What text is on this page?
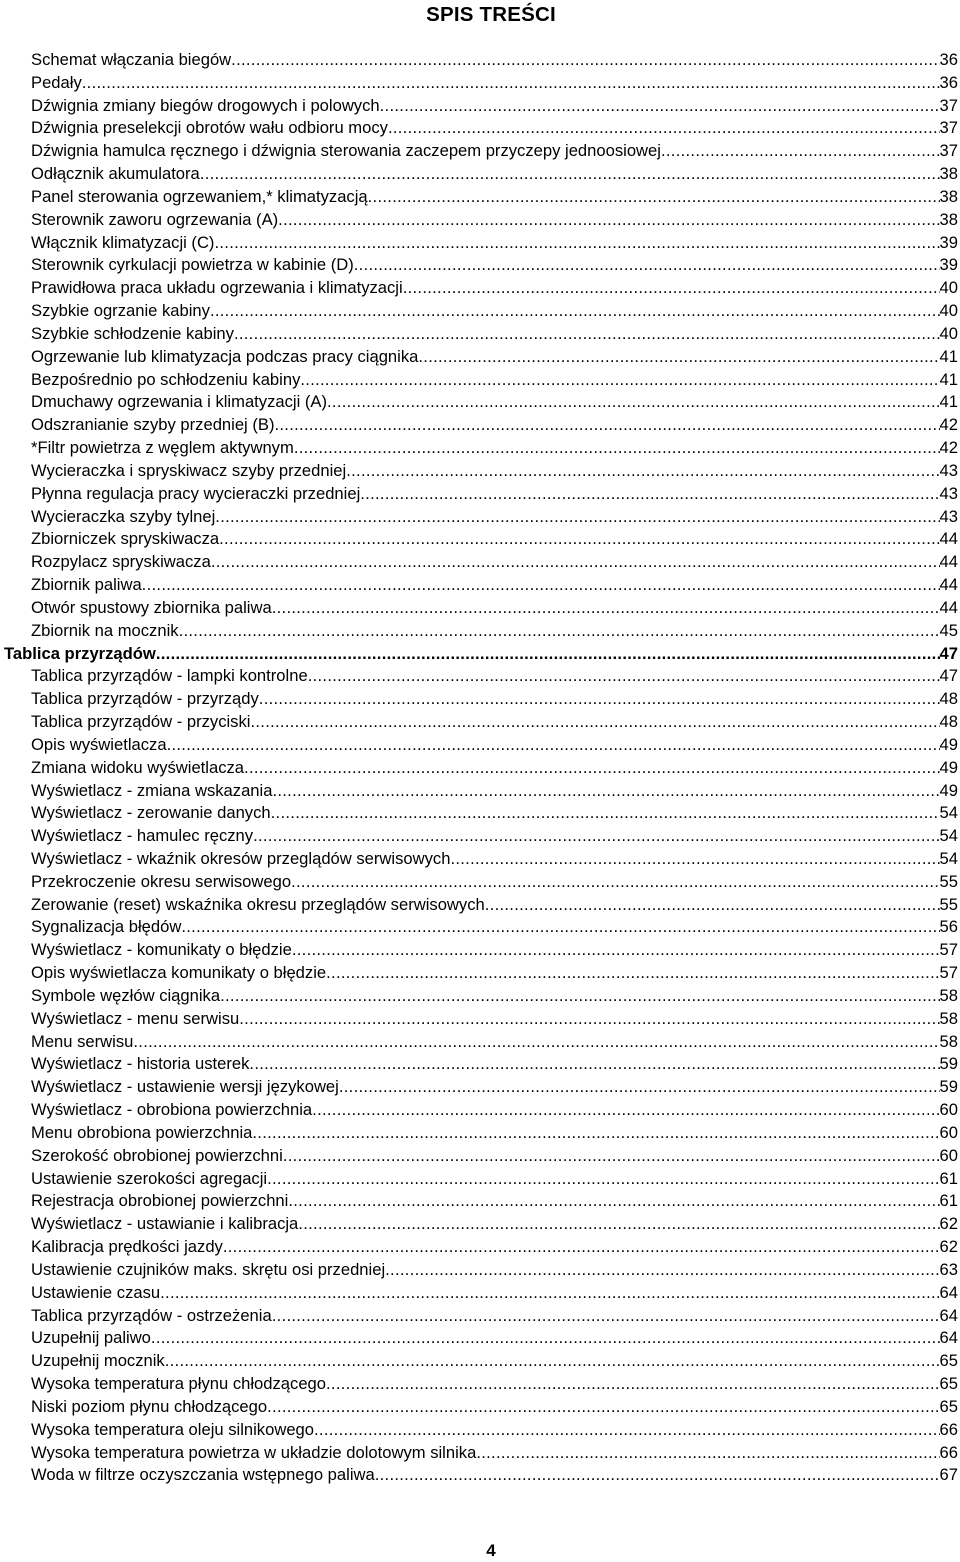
SPIS TREŚCI
Schemat włączania biegów .....	36
Pedały .....	36
Dźwignia zmiany biegów drogowych i polowych .....	37
Dźwignia preselekcji obrotów wału odbioru mocy .....	37
Dźwignia hamulca ręcznego i dźwignia sterowania zaczepem przyczepy jednoosiowej .....	37
Odłącznik akumulatora .....	38
Panel sterowania ogrzewaniem,* klimatyzacją .....	38
Sterownik zaworu ogrzewania (A) .....	38
Włącznik klimatyzacji (C) .....	39
Sterownik cyrkulacji powietrza w kabinie (D) .....	39
Prawidłowa praca układu ogrzewania i klimatyzacji .....	40
Szybkie ogrzanie kabiny .....	40
Szybkie schłodzenie kabiny .....	40
Ogrzewanie lub klimatyzacja podczas pracy ciągnika .....	41
Bezpośrednio po schłodzeniu kabiny .....	41
Dmuchawy ogrzewania i klimatyzacji (A) .....	41
Odszranianie szyby przedniej (B) .....	42
*Filtr powietrza z węglem aktywnym .....	42
Wycieraczka i spryskiwacz szyby przedniej .....	43
Płynna regulacja pracy wycieraczki przedniej .....	43
Wycieraczka szyby tylnej .....	43
Zbiorniczek spryskiwacza .....	44
Rozpylacz spryskiwacza .....	44
Zbiornik paliwa .....	44
Otwór spustowy zbiornika paliwa .....	44
Zbiornik na mocznik .....	45
Tablica przyrządów .....	47
Tablica przyrządów - lampki kontrolne .....	47
Tablica przyrządów - przyrządy .....	48
Tablica przyrządów - przyciski .....	48
Opis wyświetlacza .....	49
Zmiana widoku wyświetlacza .....	49
Wyświetlacz - zmiana wskazania .....	49
Wyświetlacz - zerowanie danych .....	54
Wyświetlacz - hamulec ręczny .....	54
Wyświetlacz - wkaźnik okresów przeglądów serwisowych .....	54
Przekroczenie okresu serwisowego .....	55
Zerowanie (reset) wskaźnika okresu przeglądów serwisowych .....	55
Sygnalizacja błędów .....	56
Wyświetlacz - komunikaty o błędzie .....	57
Opis wyświetlacza komunikaty o błędzie .....	57
Symbole węzłów ciągnika .....	58
Wyświetlacz - menu serwisu .....	58
Menu serwisu .....	58
Wyświetlacz - historia usterek .....	59
Wyświetlacz - ustawienie wersji językowej .....	59
Wyświetlacz - obrobiona powierzchnia .....	60
Menu obrobiona powierzchnia .....	60
Szerokość obrobionej powierzchni .....	60
Ustawienie szerokości agregacji .....	61
Rejestracja obrobionej powierzchni .....	61
Wyświetlacz - ustawianie i kalibracja .....	62
Kalibracja prędkości jazdy .....	62
Ustawienie czujników maks. skrętu osi przedniej .....	63
Ustawienie czasu .....	64
Tablica przyrządów - ostrzeżenia .....	64
Uzupełnij paliwo .....	64
Uzupełnij mocznik .....	65
Wysoka temperatura płynu chłodzącego .....	65
Niski poziom płynu chłodzącego .....	65
Wysoka temperatura oleju silnikowego .....	66
Wysoka temperatura powietrza w układzie dolotowym silnika .....	66
Woda w filtrze oczyszczania wstępnego paliwa .....	67
4
